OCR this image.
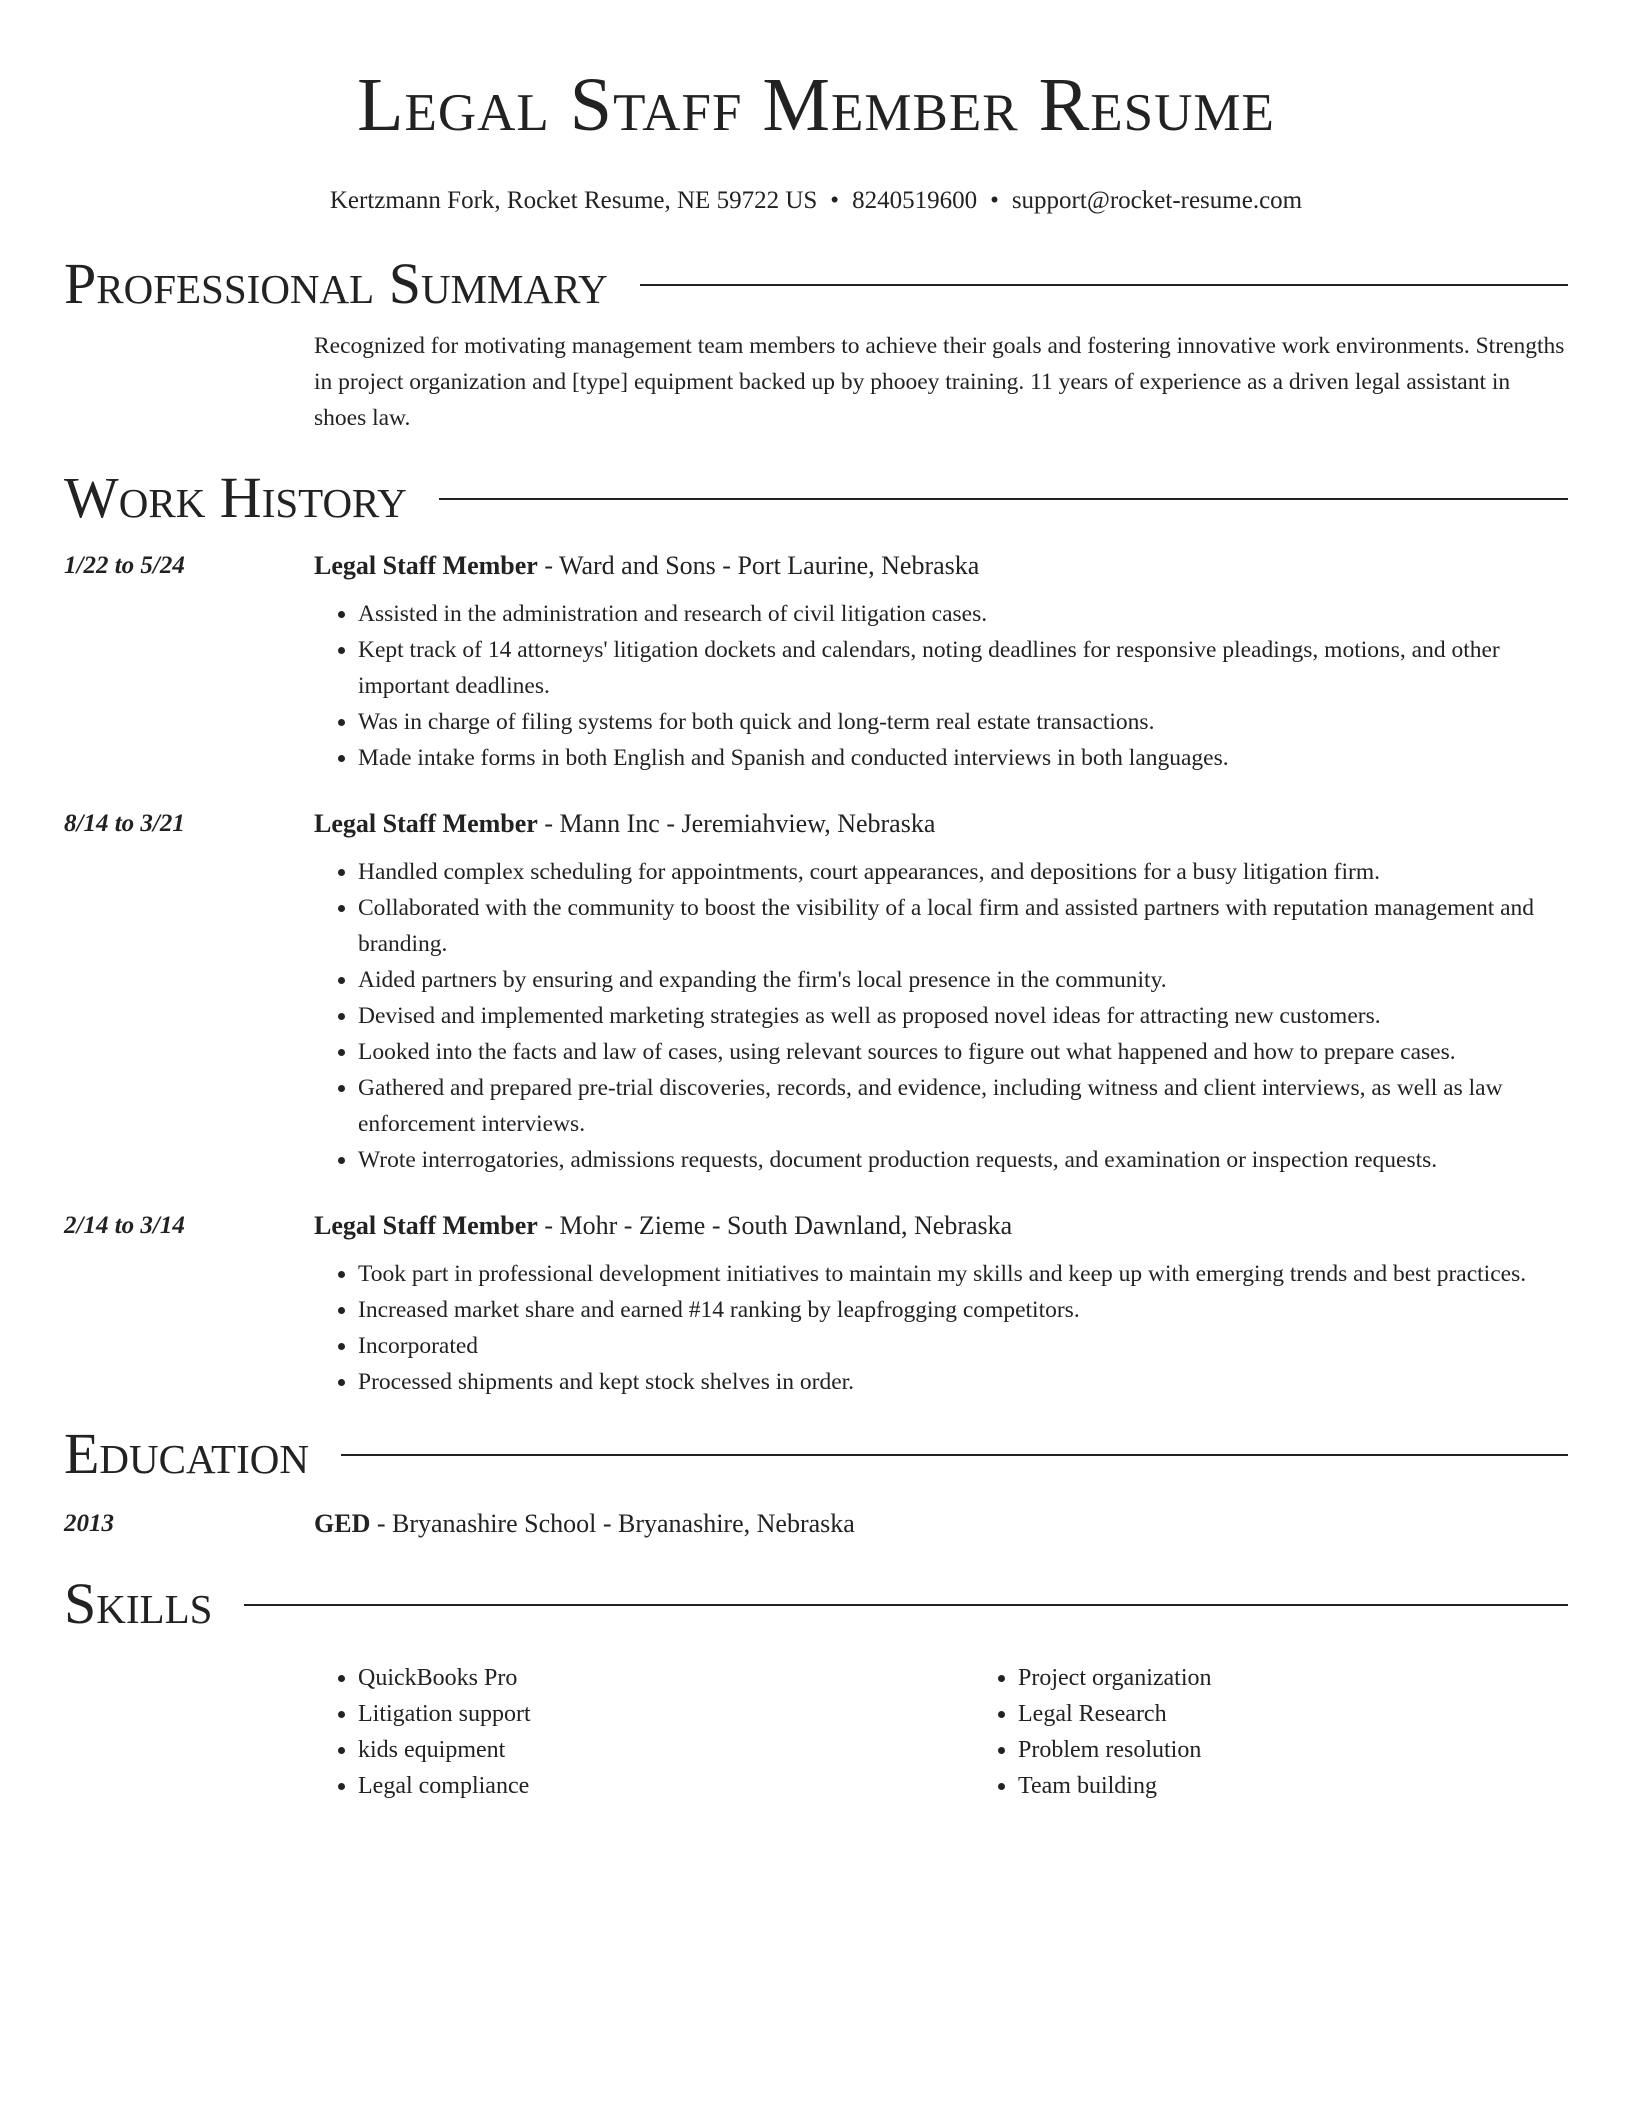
Legal Staff Member Resume
Kertzmann Fork, Rocket Resume, NE 59722 US • 8240519600 • support@rocket-resume.com
Professional Summary
Recognized for motivating management team members to achieve their goals and fostering innovative work environments. Strengths in project organization and [type] equipment backed up by phooey training. 11 years of experience as a driven legal assistant in shoes law.
Work History
1/22 to 5/24	Legal Staff Member - Ward and Sons - Port Laurine, Nebraska
• Assisted in the administration and research of civil litigation cases.
• Kept track of 14 attorneys' litigation dockets and calendars, noting deadlines for responsive pleadings, motions, and other important deadlines.
• Was in charge of filing systems for both quick and long-term real estate transactions.
• Made intake forms in both English and Spanish and conducted interviews in both languages.
8/14 to 3/21	Legal Staff Member - Mann Inc - Jeremiahview, Nebraska
• Handled complex scheduling for appointments, court appearances, and depositions for a busy litigation firm.
• Collaborated with the community to boost the visibility of a local firm and assisted partners with reputation management and branding.
• Aided partners by ensuring and expanding the firm's local presence in the community.
• Devised and implemented marketing strategies as well as proposed novel ideas for attracting new customers.
• Looked into the facts and law of cases, using relevant sources to figure out what happened and how to prepare cases.
• Gathered and prepared pre-trial discoveries, records, and evidence, including witness and client interviews, as well as law enforcement interviews.
• Wrote interrogatories, admissions requests, document production requests, and examination or inspection requests.
2/14 to 3/14	Legal Staff Member - Mohr - Zieme - South Dawnland, Nebraska
• Took part in professional development initiatives to maintain my skills and keep up with emerging trends and best practices.
• Increased market share and earned #14 ranking by leapfrogging competitors.
• Incorporated
• Processed shipments and kept stock shelves in order.
Education
2013	GED - Bryanashire School - Bryanashire, Nebraska
Skills
• QuickBooks Pro
• Litigation support
• kids equipment
• Legal compliance
• Project organization
• Legal Research
• Problem resolution
• Team building
